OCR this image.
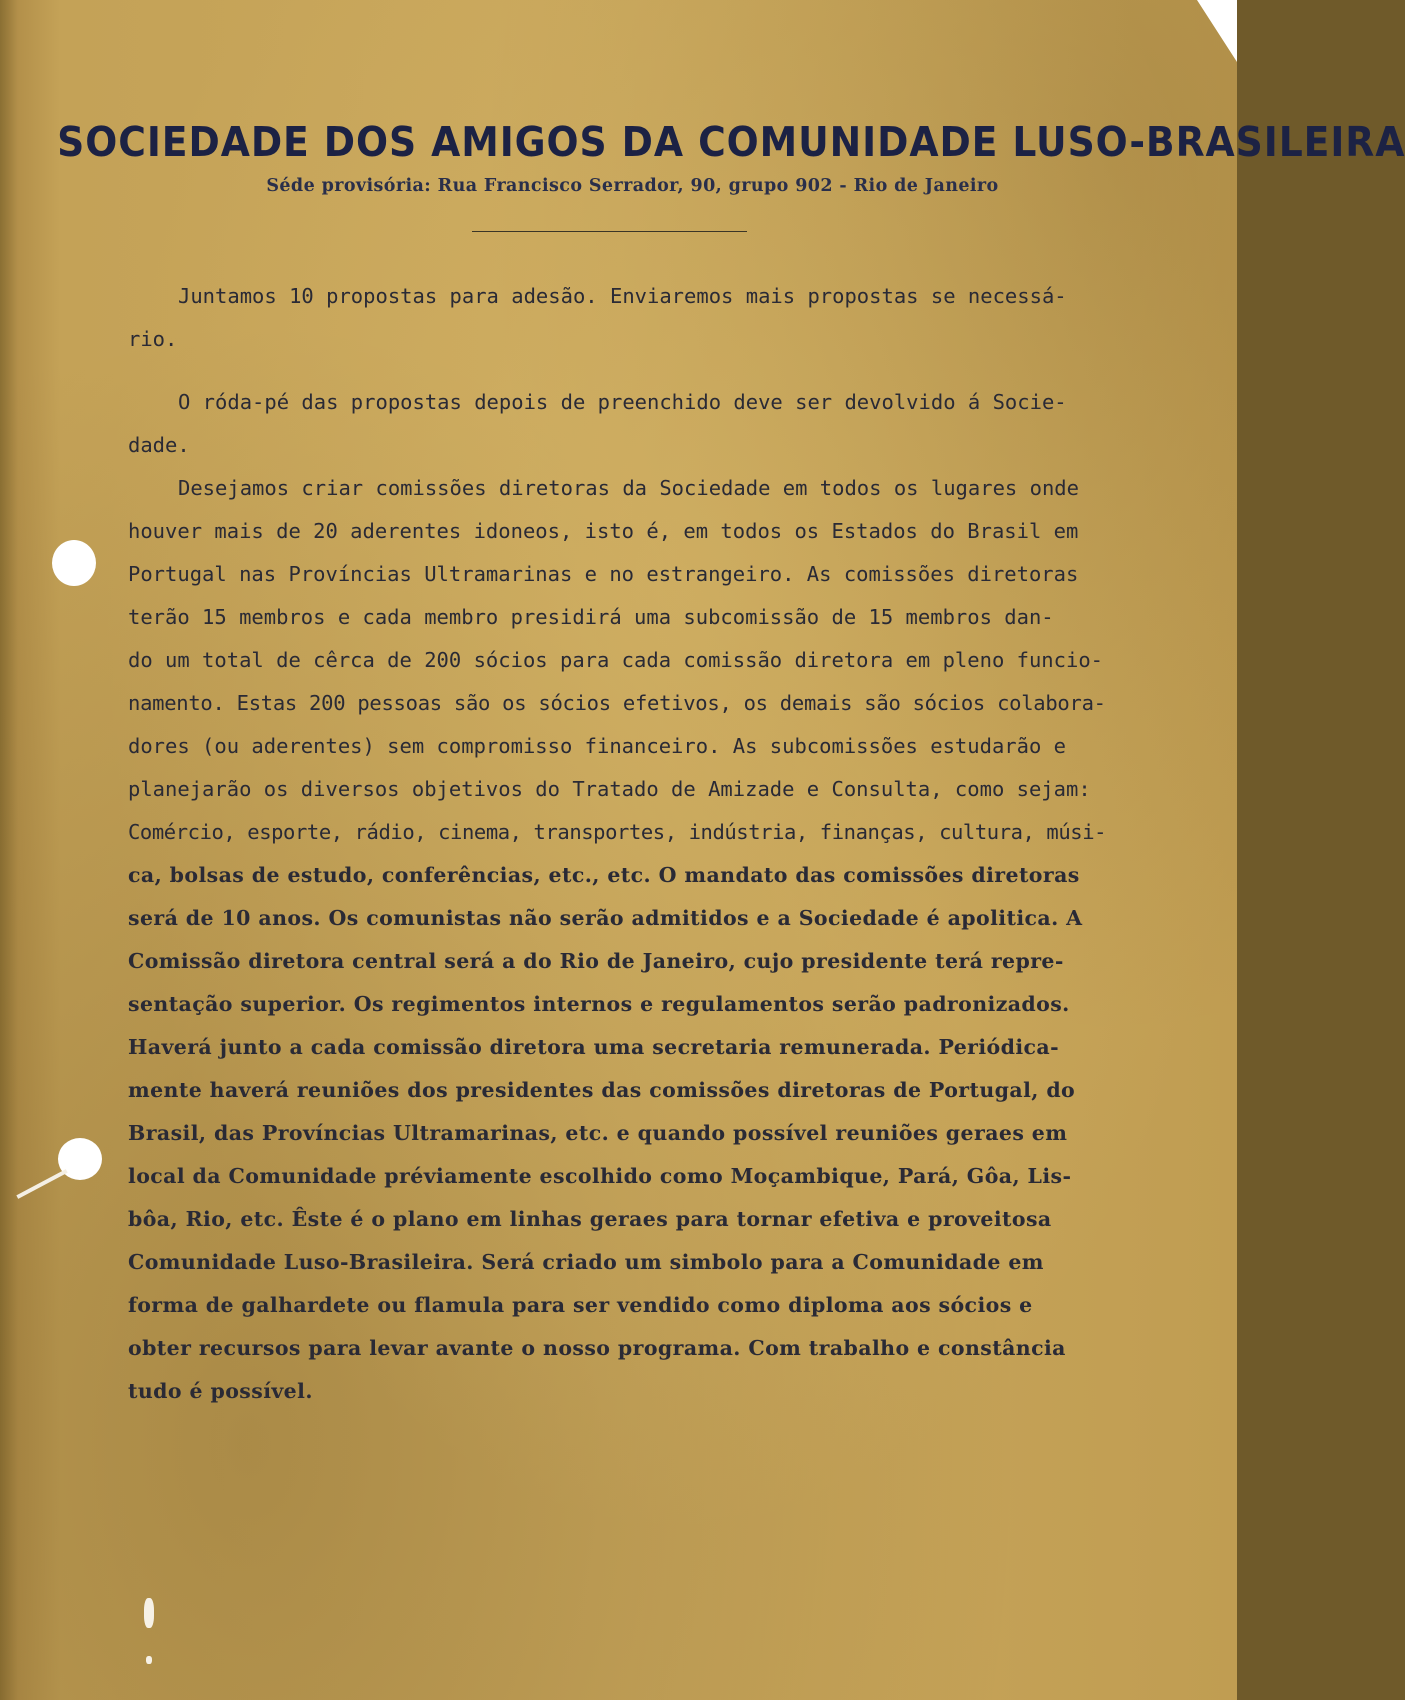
SOCIEDADE DOS AMIGOS DA COMUNIDADE LUSO-BRASILEIRA
Séde provisória: Rua Francisco Serrador, 90, grupo 902 - Rio de Janeiro

Juntamos 10 propostas para adesão. Enviaremos mais propostas se necessá-
rio.

O róda-pé das propostas depois de preenchido deve ser devolvido á Socie-
dade.

Desejamos criar comissões diretoras da Sociedade em todos os lugares onde
houver mais de 20 aderentes idoneos, isto é, em todos os Estados do Brasil em
Portugal nas Províncias Ultramarinas e no estrangeiro. As comissões diretoras
terão 15 membros e cada membro presidirá uma subcomissão de 15 membros dan-
do um total de cêrca de 200 sócios para cada comissão diretora em pleno funcio-
namento. Estas 200 pessoas são os sócios efetivos, os demais são sócios colabora-
dores (ou aderentes) sem compromisso financeiro. As subcomissões estudarão e
planejarão os diversos objetivos do Tratado de Amizade e Consulta, como sejam:
Comércio, esporte, rádio, cinema, transportes, indústria, finanças, cultura, músi-
ca, bolsas de estudo, conferências, etc., etc. O mandato das comissões diretoras
será de 10 anos. Os comunistas não serão admitidos e a Sociedade é apolitica. A
Comissão diretora central será a do Rio de Janeiro, cujo presidente terá repre-
sentação superior. Os regimentos internos e regulamentos serão padronizados.
Haverá junto a cada comissão diretora uma secretaria remunerada. Periódica-
mente haverá reuniões dos presidentes das comissões diretoras de Portugal, do
Brasil, das Províncias Ultramarinas, etc. e quando possível reuniões geraes em
local da Comunidade préviamente escolhido como Moçambique, Pará, Gôa, Lis-
bôa, Rio, etc. Êste é o plano em linhas geraes para tornar efetiva e proveitosa
Comunidade Luso-Brasileira. Será criado um simbolo para a Comunidade em
forma de galhardete ou flamula para ser vendido como diploma aos sócios e
obter recursos para levar avante o nosso programa. Com trabalho e constância
tudo é possível.
